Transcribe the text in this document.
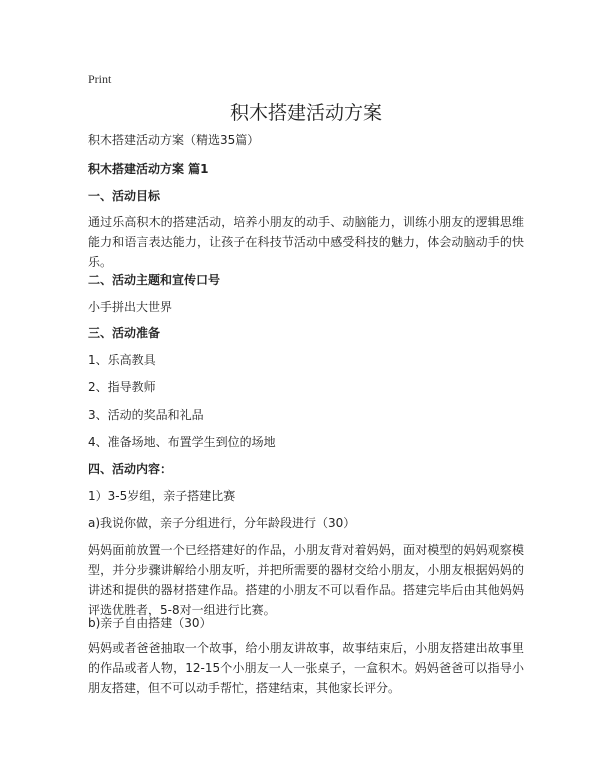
Print
积木搭建活动方案
积木搭建活动方案（精选35篇）
积木搭建活动方案 篇1
一、活动目标
通过乐高积木的搭建活动，培养小朋友的动手、动脑能力，训练小朋友的逻辑思维能力和语言表达能力，让孩子在科技节活动中感受科技的魅力，体会动脑动手的快乐。
二、活动主题和宣传口号
小手拼出大世界
三、活动准备
1、乐高教具
2、指导教师
3、活动的奖品和礼品
4、准备场地、布置学生到位的场地
四、活动内容：
1）3-5岁组，亲子搭建比赛
a)我说你做，亲子分组进行，分年龄段进行（30）
妈妈面前放置一个已经搭建好的作品，小朋友背对着妈妈，面对模型的妈妈观察模型，并分步骤讲解给小朋友听，并把所需要的器材交给小朋友，小朋友根据妈妈的讲述和提供的器材搭建作品。搭建的小朋友不可以看作品。搭建完毕后由其他妈妈评选优胜者，5-8对一组进行比赛。
b)亲子自由搭建（30）
妈妈或者爸爸抽取一个故事，给小朋友讲故事，故事结束后，小朋友搭建出故事里的作品或者人物，12-15个小朋友一人一张桌子，一盒积木。妈妈爸爸可以指导小朋友搭建，但不可以动手帮忙，搭建结束，其他家长评分。
